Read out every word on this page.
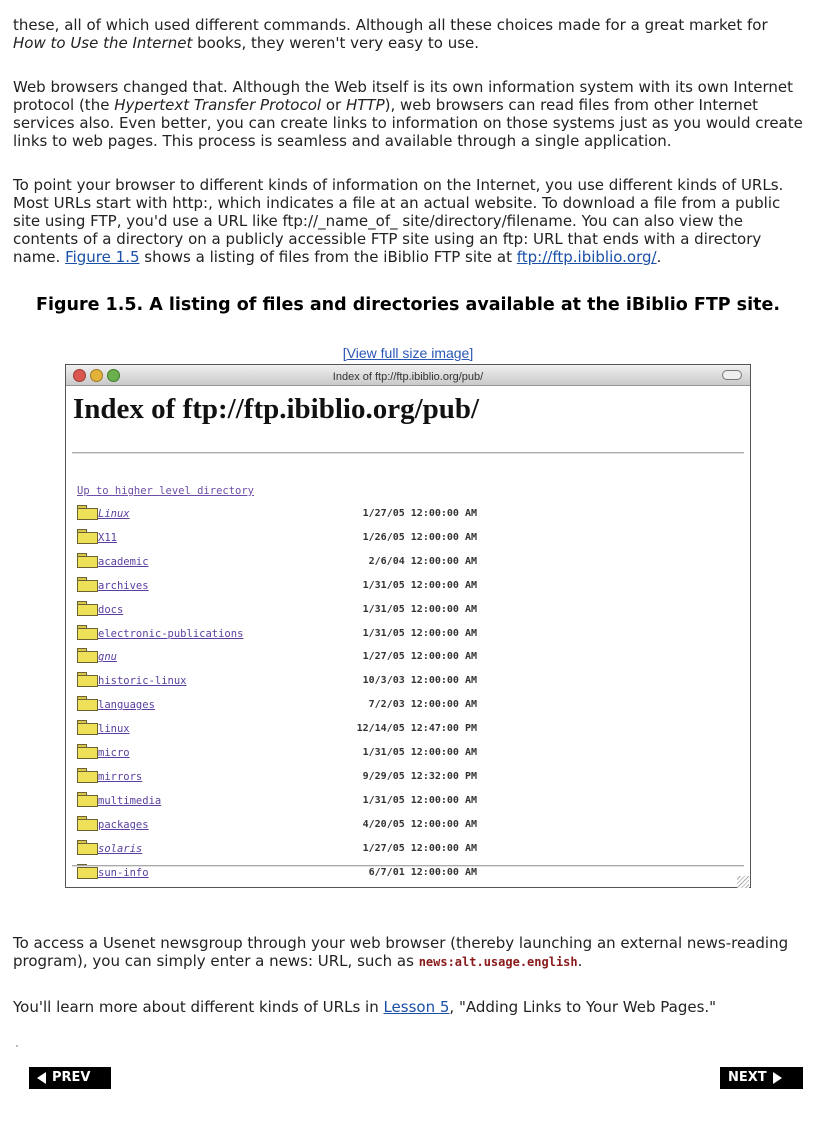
these, all of which used different commands. Although all these choices made for a great market for How to Use the Internet books, they weren't very easy to use.

Web browsers changed that. Although the Web itself is its own information system with its own Internet protocol (the Hypertext Transfer Protocol or HTTP), web browsers can read files from other Internet services also. Even better, you can create links to information on those systems just as you would create links to web pages. This process is seamless and available through a single application.

To point your browser to different kinds of information on the Internet, you use different kinds of URLs. Most URLs start with http:, which indicates a file at an actual website. To download a file from a public site using FTP, you'd use a URL like ftp://_name_of_ site/directory/filename. You can also view the contents of a directory on a publicly accessible FTP site using an ftp: URL that ends with a directory name. Figure 1.5 shows a listing of files from the iBiblio FTP site at ftp://ftp.ibiblio.org/.

Figure 1.5. A listing of files and directories available at the iBiblio FTP site.
[View full size image]
Index of ftp://ftp.ibiblio.org/pub/
Index of ftp://ftp.ibiblio.org/pub/
Up to higher level directory
Linux	1/27/05 12:00:00 AM
X11	1/26/05 12:00:00 AM
academic	2/6/04 12:00:00 AM
archives	1/31/05 12:00:00 AM
docs	1/31/05 12:00:00 AM
electronic-publications	1/31/05 12:00:00 AM
gnu	1/27/05 12:00:00 AM
historic-linux	10/3/03 12:00:00 AM
languages	7/2/03 12:00:00 AM
linux	12/14/05 12:47:00 PM
micro	1/31/05 12:00:00 AM
mirrors	9/29/05 12:32:00 PM
multimedia	1/31/05 12:00:00 AM
packages	4/20/05 12:00:00 AM
solaris	1/27/05 12:00:00 AM
sun-info	6/7/01 12:00:00 AM

To access a Usenet newsgroup through your web browser (thereby launching an external news-reading program), you can simply enter a news: URL, such as news:alt.usage.english.

You'll learn more about different kinds of URLs in Lesson 5, "Adding Links to Your Web Pages."

PREV	NEXT
